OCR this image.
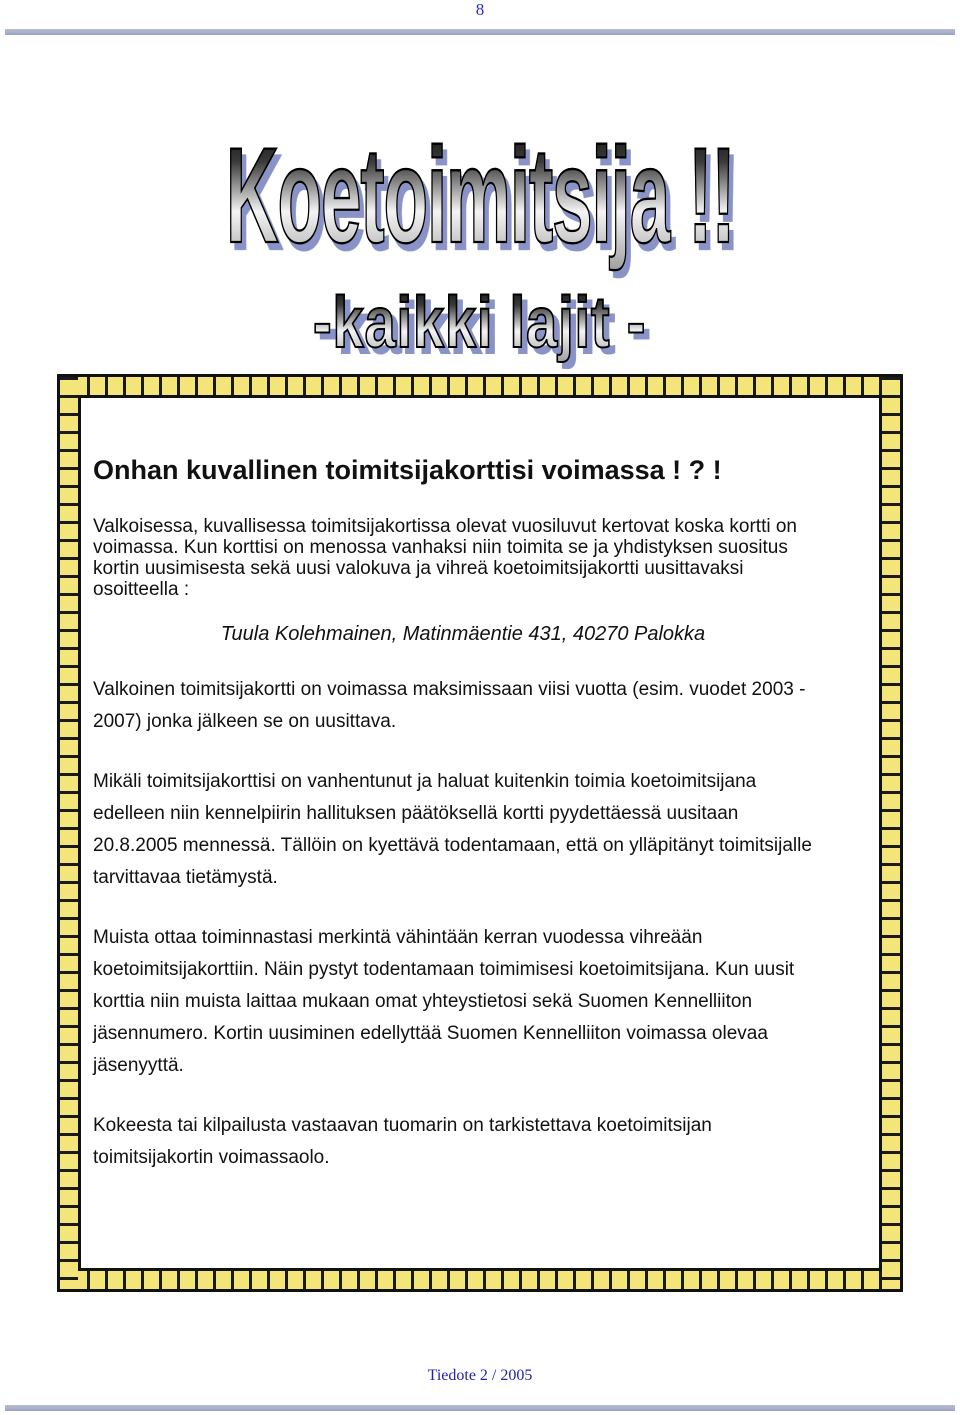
8
Koetoimitsija !!
-kaikki lajit -
Onhan kuvallinen toimitsijakorttisi voimassa ! ? !
Valkoisessa, kuvallisessa toimitsijakortissa olevat vuosiluvut kertovat koska kortti on voimassa. Kun korttisi on menossa vanhaksi niin toimita se ja yhdistyksen suositus kortin uusimisesta sekä uusi valokuva ja vihreä koetoimitsijakortti uusittavaksi osoitteella :
Tuula Kolehmainen, Matinmäentie 431, 40270 Palokka
Valkoinen toimitsijakortti on voimassa maksimissaan viisi vuotta (esim. vuodet 2003 - 2007) jonka jälkeen se on uusittava.
Mikäli toimitsijakorttisi on vanhentunut ja haluat kuitenkin toimia koetoimitsijana edelleen niin kennelpiirin hallituksen päätöksellä kortti pyydettäessä uusitaan 20.8.2005 mennessä. Tällöin on kyettävä todentamaan, että on ylläpitänyt toimitsijalle tarvittavaa tietämystä.
Muista ottaa toiminnastasi merkintä vähintään kerran vuodessa vihreään koetoimitsijakorttiin. Näin pystyt todentamaan toimimisesi koetoimitsijana. Kun uusit korttia niin muista laittaa mukaan omat yhteystietosi sekä Suomen Kennelliiton jäsennumero. Kortin uusiminen edellyttää Suomen Kennelliiton voimassa olevaa jäsenyyttä.
Kokeesta tai kilpailusta vastaavan tuomarin on tarkistettava koetoimitsijan toimitsijakortin voimassaolo.
Tiedote 2 / 2005
